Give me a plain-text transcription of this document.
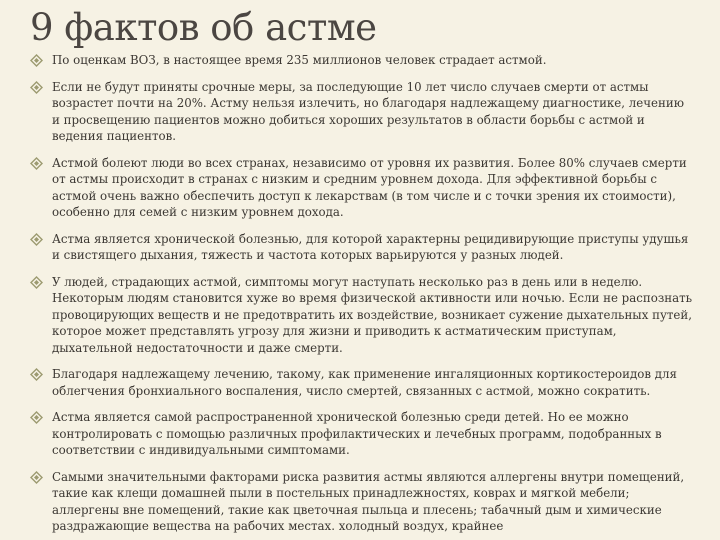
9 фактов об астме
По оценкам ВОЗ, в настоящее время 235 миллионов человек страдает астмой.
Если не будут приняты срочные меры, за последующие 10 лет число случаев смерти от астмы возрастет почти на 20%. Астму нельзя излечить, но благодаря надлежащему диагностике, лечению и просвещению пациентов можно добиться хороших результатов в области борьбы с астмой и ведения пациентов.
Астмой болеют люди во всех странах, независимо от уровня их развития. Более 80% случаев смерти от астмы происходит в странах с низким и средним уровнем дохода. Для эффективной борьбы с астмой очень важно обеспечить доступ к лекарствам (в том числе и с точки зрения их стоимости), особенно для семей с низким уровнем дохода.
Астма является хронической болезнью, для которой характерны рецидивирующие приступы удушья и свистящего дыхания, тяжесть и частота которых варьируются у разных людей.
У людей, страдающих астмой, симптомы могут наступать несколько раз в день или в неделю. Некоторым людям становится хуже во время физической активности или ночью. Если не распознать провоцирующих веществ и не предотвратить их воздействие, возникает сужение дыхательных путей, которое может представлять угрозу для жизни и приводить к астматическим приступам, дыхательной недостаточности и даже смерти.
Благодаря надлежащему лечению, такому, как применение ингаляционных кортикостероидов для облегчения бронхиального воспаления, число смертей, связанных с астмой, можно сократить.
Астма является самой распространенной хронической болезнью среди детей. Но ее можно контролировать с помощью различных профилактических и лечебных программ, подобранных в соответствии с индивидуальными симптомами.
Самыми значительными факторами риска развития астмы являются аллергены внутри помещений, такие как клещи домашней пыли в постельных принадлежностях, коврах и мягкой мебели; аллергены вне помещений, такие как цветочная пыльца и плесень; табачный дым и химические раздражающие вещества на рабочих местах. холодный воздух, крайнее
